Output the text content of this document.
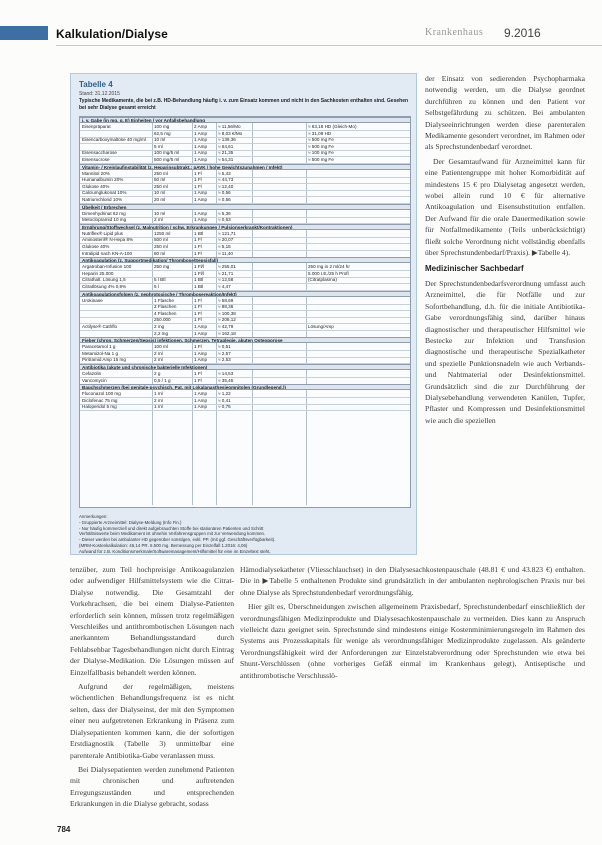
Kalkulation/Dialyse	Krankenhaus 9.2016
Tabelle 4
Stand: 31.12.2015
Typische Medikamente, die bei z.B. HD-Behandlung häufig i. v. zum Einsatz kommen und nicht in den Sachkosten enthalten sind. Gesehen bei sehr Dialyse gesamt erreicht
i. v. Gabe (in mg, g, E) Einheiten / vor Anfallsbehandlung
Eisenpräparat	100 mg	2 Amp	≈ 11,56/Mo	≈ 63,18 HD (Gleich-Mo)
62,5 mg	1 Amp	≈ 8,03 €/Mo	≈ 31,09 HD
Eisencarboxymaltose 40 mg/ml	10 ml	1 Amp	≈ 139,36	≈ 500 mg Fe
5 ml	1 Amp	≈ 64,61	≈ 500 mg Fe
Eisensaccharose	100 mg/5 ml	1 Amp	≈ 21,35	≈ 100 mg Fe
Eisensucrose	500 mg/5 ml	1 Amp	≈ 54,31	≈ 500 mg Fe
Vitamin- / Kreislaufinstabilität (z. Heparinsubtrakt.: pAVK / hohe Gewichtszunahmen / Infekt)
Mannitol 20%	250 ml	1 Fl	≈ 5,43
Humanalbumin 20%	50 ml	1 Fl	≈ 44,73
Glukose 40%	250 ml	1 Fl	≈ 12,40
Calciumglukonat 10%	10 ml	1 Amp	≈ 0,56
Natriumchlorid 10%	20 ml	1 Amp	≈ 0,56
Übelkeit / Erbrechen
Dimenhydrinat 62 mg	10 ml	1 Amp	≈ 5,36
Metoclopramid 10 mg	2 ml	1 Amp	≈ 0,63
Ernährung/Stoffwechsel (z. Malnutrition / schw. Erkrankungen / Pulsionserkrankt/Kontraktionen)
Nutriflex® Lipid plus	1250 ml	1 Btl	≈ 121,71
Aminosteril® N-Hepa 8%	500 ml	1 Fl	≈ 20,07
Glukose 40%	250 ml	1 Fl	≈ 5,15
Intralipid nach KN-A-100	80 ml	1 Fl	≈ 11,40
Antikoagulation (z. Supportmedikation/ Thrombose/Sepsisfall)
Argatroban-Infusion 100	250 mg	1 Fl/l	≈ 255,01	250 mg in 2 ml/24 hr
Heparin 25.000	1 Fl/l	≈ 21,71	5.000 I.E./25 h Profl
Citrathalt. Lösung 1,5	5 l Btl	1 Btl	≈ 12,58	(Citratplasma)
Citratlösung 4% 0,9%	5 l	1 Btl	≈ 4,47
Antikoagulationsfolgen (z. nephrotoxische / Thrombosereaktion/Infekt)
Urokinase	1 Flasche	1 Fl	≈ 58,69
2 Flaschen	1 Fl	≈ 88,36
4 Flaschen	1 Fl	≈ 100,38
250.000	1 Fl	≈ 208,12
Actilyse® Cathflo	2 mg	1 Amp	≈ 42,79	Lösung/Amp
2,2 mg	1 Amp	≈ 162,18
Fieber (chron. Schmerzen/Sepsis) infektionen, Schmerzen, Tetraplegie, akuten Osteoporose
Paracetamol 1 g	100 ml	1 Fl	≈ 0,51
Metamizol-Na 1 g	2 ml	1 Amp	≈ 2,57
Piritramid Amp 15 mg	2 ml	1 Amp	≈ 2,53
Antibiotika (akute und chronische bakterielle Infektionen)
Cefazolin	2 g	1 Fl	≈ 14,53
Vancomycin	0,5 / 1 g	1 Fl	≈ 35,45
Bauchschmerzen (bei genitale-psychisch. Pat. mit Lokalanasthesieomnitolen (Grundlegend.))
Fluconazol 100 mg	1 ml	1 Amp	≈ 1,22
Diclofenac 75 mg	2 ml	1 Amp	≈ 0,41
Haloperidol 5 mg	1 ml	1 Amp	≈ 0,75
Anmerkungen:
- Gruppierte Arzneimittel: Dialyse-Meldung (Info Fin.)
- Nur häufig kommerziell und direkt aufgebrauchten Stoffe bei stationären Patienten und Schritt
Verhältniswerte beim Medikament ist ohnehin Verfahrensgruppen mit zur Verwendung kommen.
- Dieser werden bei ambulanter HD gegenüber sonstigen, exkl. PP. (mit ggf. Geschäftsverfügbarkeit).
(MRM-Kostenkalkulation: 46,14 PR. 6.500 mg. Bemessung per Einzelfall 1.2016: 4,06)
Aufwand für z.B. Konditionsmerkmale/Softwaremanagement/Hilfsmittel für eine im Einzeltext steht,

tenzüber, zum Teil hochpreisige Antikoagulanzien oder aufwendiger Hilfsmittelsystem wie die Citrat-Dialyse notwendig. Die Gesamtzahl der Vorkehrachsen, die bei einem Dialyse-Patienten erforderlich sein können, müssen trotz regelmäßigen Verschleißes und antithrombotischen Lösungen nach anerkanntem Behandlungsstandard durch Fehlabsehbar Tagesbehandlungen nicht durch Eintrag der Dialyse-Medikation. Die Lösungen müssen auf Einzelfallbasis behandelt werden können.

Aufgrund der regelmäßigen, meistens wöchentlichen Behandlungsfrequenz ist es nicht selten, dass der Dialyseinst, der mit den Symptomen einer neu aufgetretenen Erkrankung in Präsenz zum Dialysepatienten kommen kann, die der sofortigen Erstdiagnostik (Tabelle 3) unmittelbar eine parenterale Antibiotika-Gabe veranlassen muss.

Bei Dialysepatienten werden zunehmend Patienten mit chronischen und auftretenden Erregungszuständen und entsprechenden Erkrankungen in die Dialyse gebracht, sodass

der Einsatz von sedierenden Psychopharmaka notwendig werden, um die Dialyse geordnet durchführen zu können und den Patient vor Selbstgefährdung zu schützen. Bei ambulanten Dialyseeinrichtungen werden diese parenteralen Medikamente gesondert verordnet, im Rahmen oder als Sprechstundenbedarf verordnet.

Der Gesamtaufwand für Arzneimittel kann für eine Patientengruppe mit hoher Komorbidität auf mindestens 15 € pro Dialysetag angesetzt werden, wobei allein rund 10 € für alternative Antikoagulation und Eisensubstitution entfallen. Der Aufwand für die orale Dauermedikation sowie für Notfallmedikamente (Teils unberücksichtigt) fließt solche Verordnung nicht vollständig ebenfalls über Sprechstundenbedarf/Praxis). ▶Tabelle 4).

Medizinischer Sachbedarf

Der Sprechstundenbedarfsverordnung umfasst auch Arzneimittel, die für Notfälle und zur Sofortbehandlung, d.h. für die initiale Antibiotika-Gabe verordnungsfähig sind, darüber hinaus diagnostischer und therapeutischer Hilfsmittel wie Bestecke zur Infektion und Transfusion diagnostische und therapeutische Spezialkatheter und spezielle Punktionsnadeln wie auch Verbands- und Nahtmaterial oder Desinfektionsmittel. Grundsätzlich sind die zur Durchführung der Dialysebehandlung verwendeten Kanülen, Tupfer, Pflaster und Kompressen und Desinfektionsmittel wie auch die speziellen

Hämodialysekatheter (Vliesschlauchset) in den Dialysesachkostenpauschale (48.81 € und 43.823 €) enthalten. Die in ▶Tabelle 5 enthaltenen Produkte sind grundsätzlich in der ambulanten nephrologischen Praxis nur bei ohne Dialyse als Sprechstundenbedarf verordnungsfähig.

Hier gilt es, Überschneidungen zwischen allgemeinem Praxisbedarf, Sprechstundenbedarf einschließlich der verordnungsfähigen Medizinprodukte und Dialysesachkostenpauschale zu vermeiden. Dies kann zu Anspruch vielleicht dazu geeignet sein. Sprechstunde sind mindestens einige Kostenminimierungsregeln im Rahmen des Systems aus Prozesskapitals für wenige als verordnungsfähiger Medizinprodukte zugelassen. Als geänderte Verordnungsfähigkeit wird der Anforderungen zur Einzelstabverordnung oder Sprechstunden wie etwa bei Shunt-Verschlüssen (ohne vorheriges Gefäß einmal im Krankenhaus gelegt), Antiseptische und antithrombotische Verschlusslö-

784
